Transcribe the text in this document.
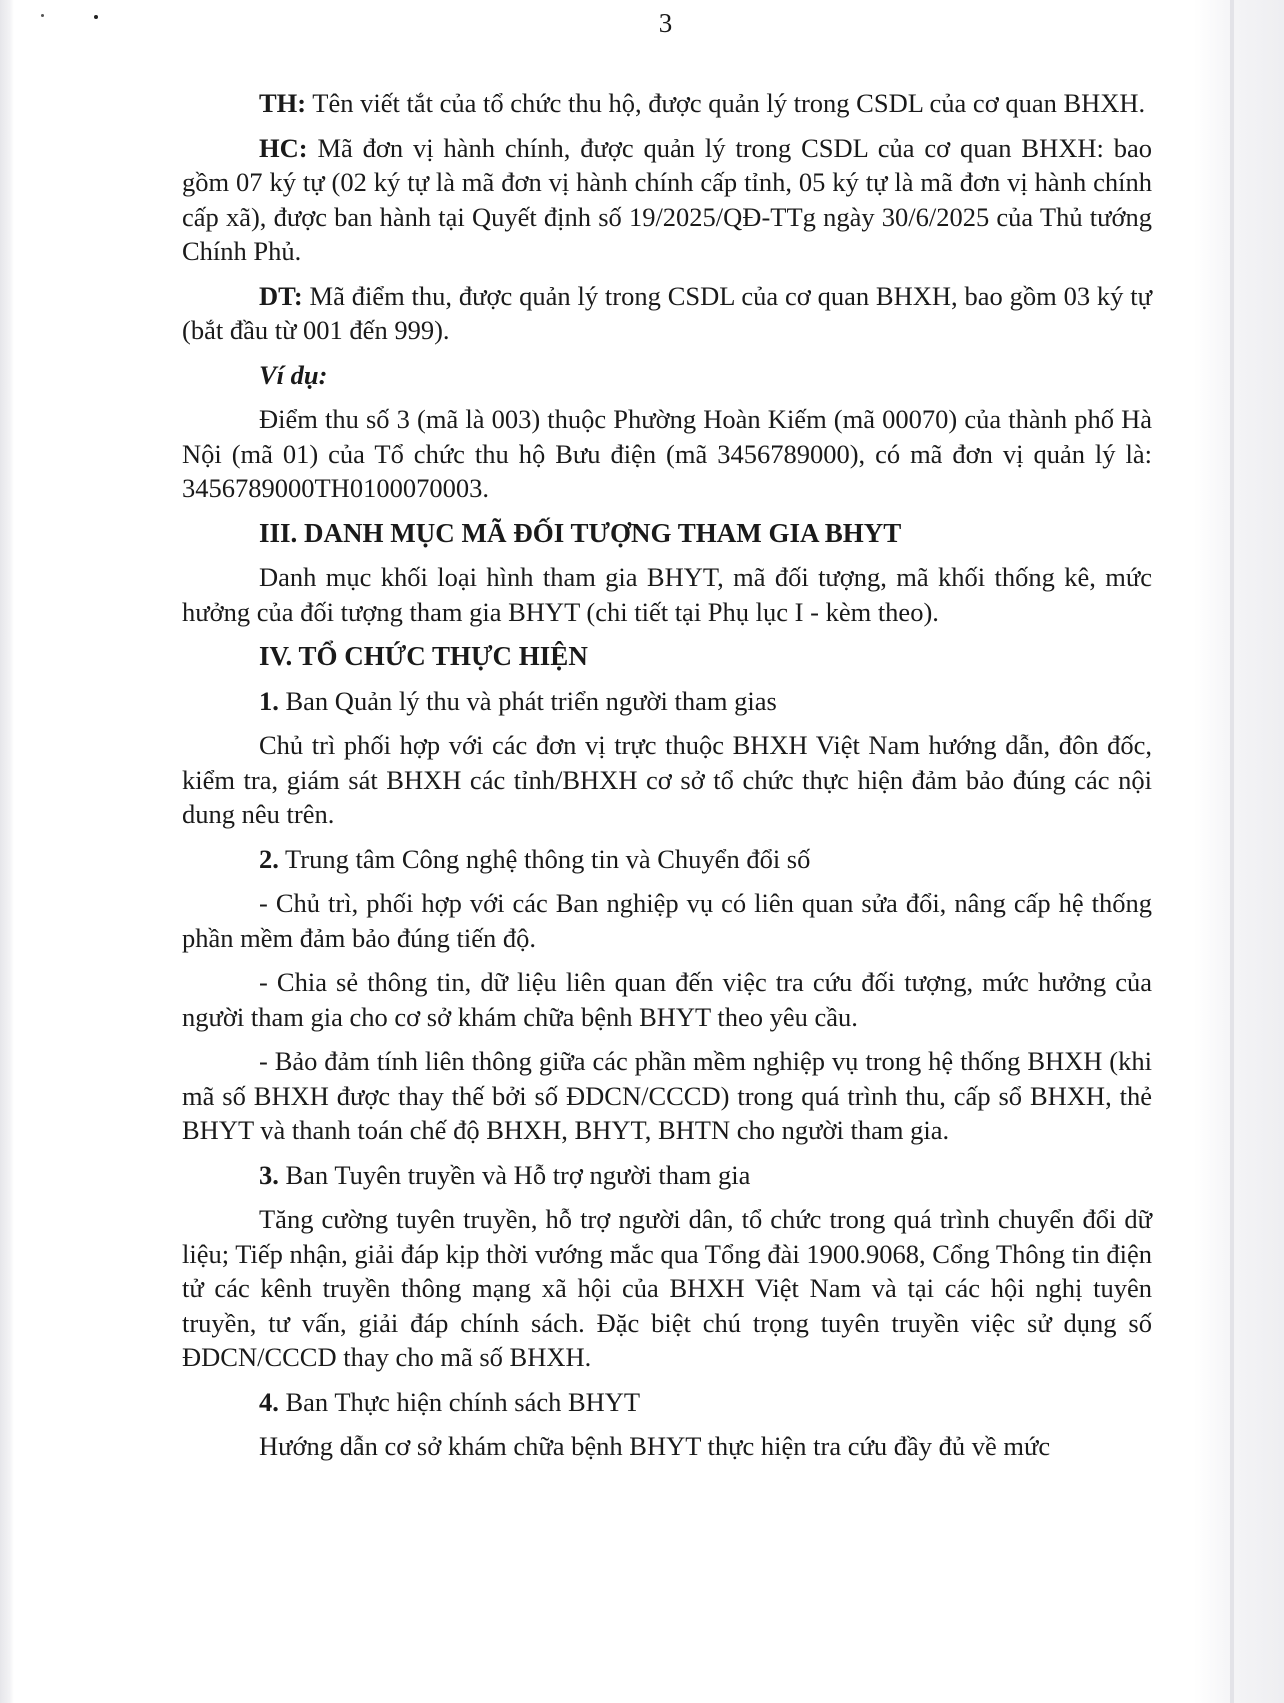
3

TH: Tên viết tắt của tổ chức thu hộ, được quản lý trong CSDL của cơ quan BHXH.

HC: Mã đơn vị hành chính, được quản lý trong CSDL của cơ quan BHXH: bao gồm 07 ký tự (02 ký tự là mã đơn vị hành chính cấp tỉnh, 05 ký tự là mã đơn vị hành chính cấp xã), được ban hành tại Quyết định số 19/2025/QĐ-TTg ngày 30/6/2025 của Thủ tướng Chính Phủ.

DT: Mã điểm thu, được quản lý trong CSDL của cơ quan BHXH, bao gồm 03 ký tự (bắt đầu từ 001 đến 999).

Ví dụ:

Điểm thu số 3 (mã là 003) thuộc Phường Hoàn Kiếm (mã 00070) của thành phố Hà Nội (mã 01) của Tổ chức thu hộ Bưu điện (mã 3456789000), có mã đơn vị quản lý là: 3456789000TH0100070003.

III. DANH MỤC MÃ ĐỐI TƯỢNG THAM GIA BHYT

Danh mục khối loại hình tham gia BHYT, mã đối tượng, mã khối thống kê, mức hưởng của đối tượng tham gia BHYT (chi tiết tại Phụ lục I - kèm theo).

IV. TỔ CHỨC THỰC HIỆN

1. Ban Quản lý thu và phát triển người tham gias

Chủ trì phối hợp với các đơn vị trực thuộc BHXH Việt Nam hướng dẫn, đôn đốc, kiểm tra, giám sát BHXH các tỉnh/BHXH cơ sở tổ chức thực hiện đảm bảo đúng các nội dung nêu trên.

2. Trung tâm Công nghệ thông tin và Chuyển đổi số

- Chủ trì, phối hợp với các Ban nghiệp vụ có liên quan sửa đổi, nâng cấp hệ thống phần mềm đảm bảo đúng tiến độ.

- Chia sẻ thông tin, dữ liệu liên quan đến việc tra cứu đối tượng, mức hưởng của người tham gia cho cơ sở khám chữa bệnh BHYT theo yêu cầu.

- Bảo đảm tính liên thông giữa các phần mềm nghiệp vụ trong hệ thống BHXH (khi mã số BHXH được thay thế bởi số ĐDCN/CCCD) trong quá trình thu, cấp sổ BHXH, thẻ BHYT và thanh toán chế độ BHXH, BHYT, BHTN cho người tham gia.

3. Ban Tuyên truyền và Hỗ trợ người tham gia

Tăng cường tuyên truyền, hỗ trợ người dân, tổ chức trong quá trình chuyển đổi dữ liệu; Tiếp nhận, giải đáp kịp thời vướng mắc qua Tổng đài 1900.9068, Cổng Thông tin điện tử các kênh truyền thông mạng xã hội của BHXH Việt Nam và tại các hội nghị tuyên truyền, tư vấn, giải đáp chính sách. Đặc biệt chú trọng tuyên truyền việc sử dụng số ĐDCN/CCCD thay cho mã số BHXH.

4. Ban Thực hiện chính sách BHYT

Hướng dẫn cơ sở khám chữa bệnh BHYT thực hiện tra cứu đầy đủ về mức
